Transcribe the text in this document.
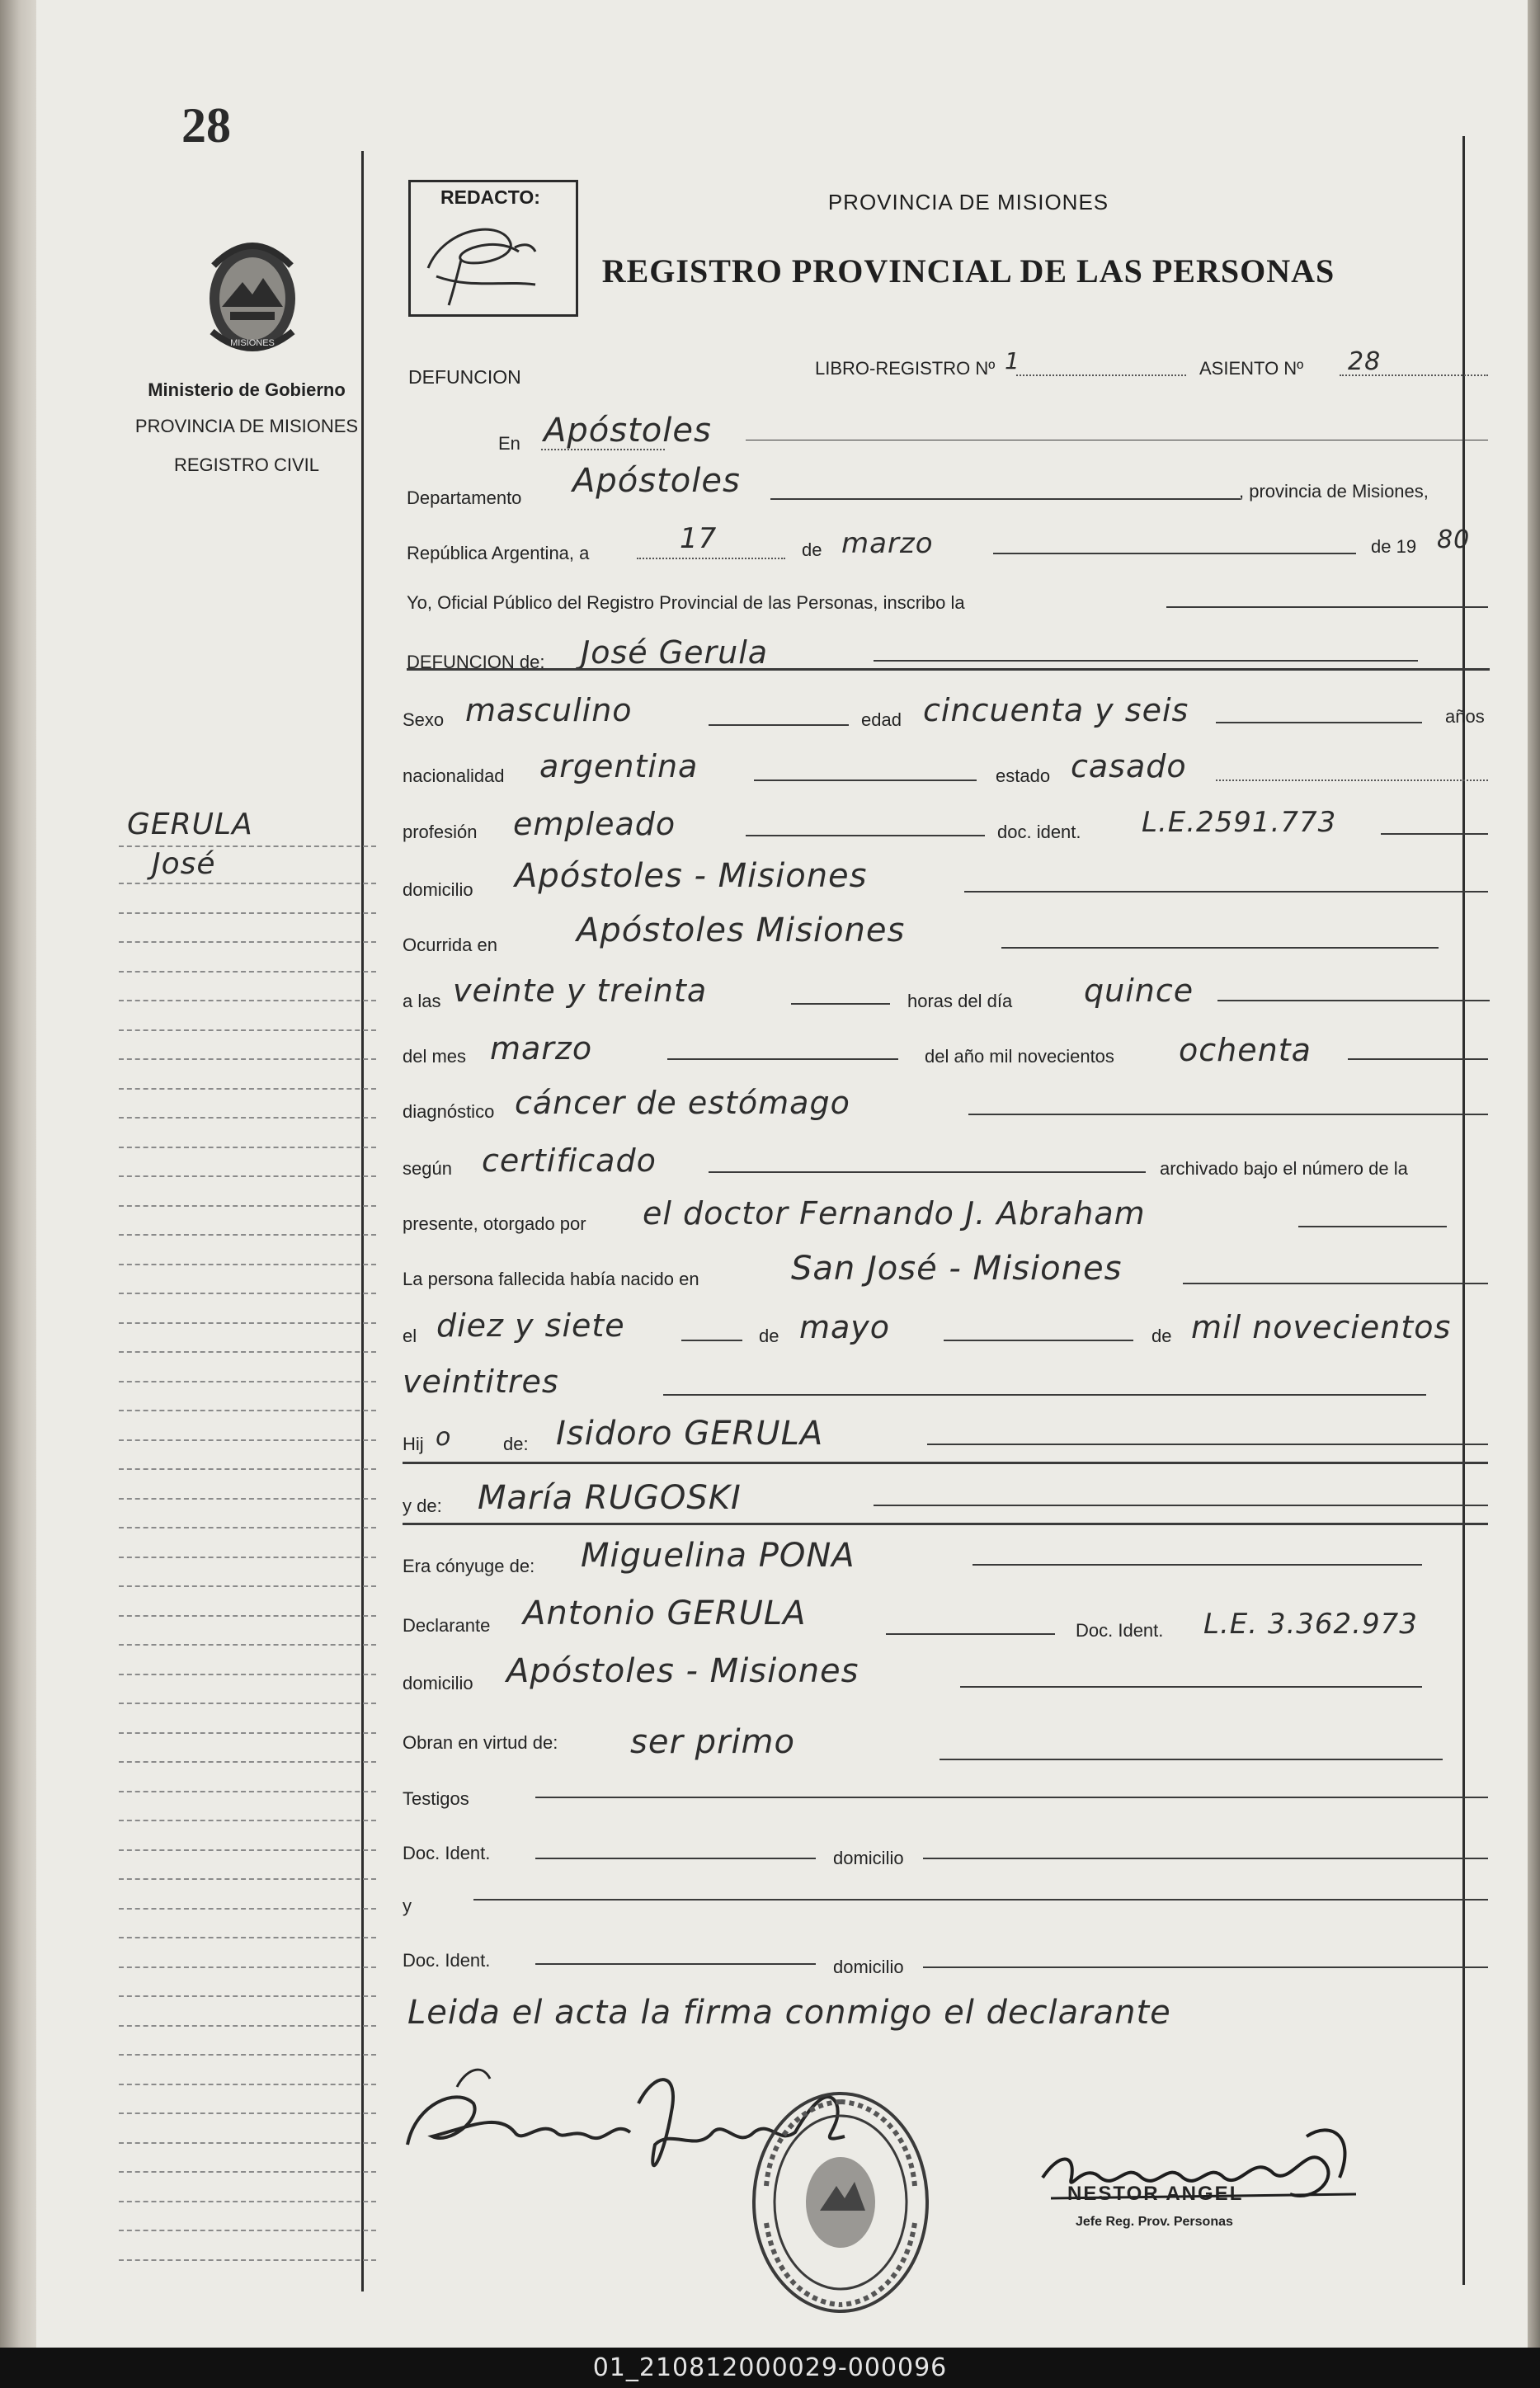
28
MISIONES
Ministerio de Gobierno
PROVINCIA DE MISIONES
REGISTRO CIVIL
GERULA
José
REDACTO:	PROVINCIA DE MISIONES
REGISTRO PROVINCIAL DE LAS PERSONAS
DEFUNCION	LIBRO-REGISTRO Nº 1	ASIENTO Nº 28
En Apóstoles
Departamento Apóstoles	, provincia de Misiones,
República Argentina, a	17	de marzo	de 19 80
Yo, Oficial Público del Registro Provincial de las Personas, inscribo la
DEFUNCION de: José Gerula
Sexo masculino	edad cincuenta y seis	años
nacionalidad argentina	estado casado
profesión empleado	doc. ident. L.E.2591.773
domicilio Apóstoles - Misiones
Ocurrida en Apóstoles Misiones
a las veinte y treinta	horas del día quince
del mes marzo	del año mil novecientos ochenta
diagnóstico cáncer de estómago
según certificado	archivado bajo el número de la
presente, otorgado por el doctor Fernando J. Abraham
La persona fallecida había nacido en	San José - Misiones
el diez y siete	de mayo	de mil novecientos
veintitres
Hij o	de: Isidoro GERULA
y de: María RUGOSKI
Era cónyuge de: Miguelina PONA
Declarante Antonio GERULA	Doc. Ident. L.E. 3.362.973
domicilio Apóstoles - Misiones
Obran en virtud de: ser primo
Testigos
Doc. Ident.	domicilio
y
Doc. Ident.	domicilio
Leida el acta la firma conmigo el declarante
NESTOR ANGEL
Jefe Reg. Prov. Personas
01_210812000029-000096
